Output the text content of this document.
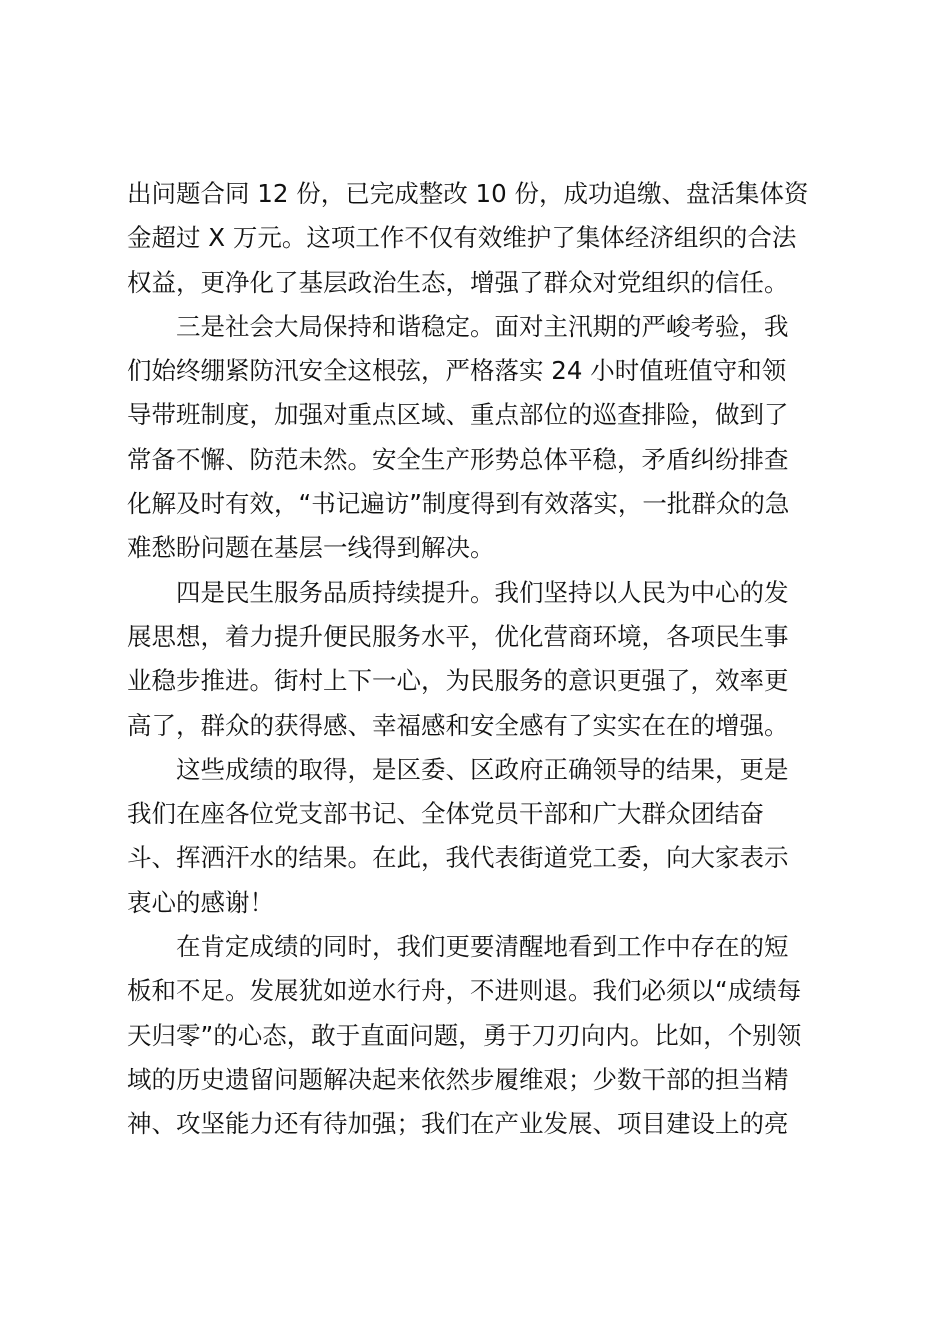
出问题合同 12 份，已完成整改 10 份，成功追缴、盘活集体资
金超过 X 万元。这项工作不仅有效维护了集体经济组织的合法
权益，更净化了基层政治生态，增强了群众对党组织的信任。
　　三是社会大局保持和谐稳定。面对主汛期的严峻考验，我
们始终绷紧防汛安全这根弦，严格落实 24 小时值班值守和领
导带班制度，加强对重点区域、重点部位的巡查排险，做到了
常备不懈、防范未然。安全生产形势总体平稳，矛盾纠纷排查
化解及时有效，“书记遍访”制度得到有效落实，一批群众的急
难愁盼问题在基层一线得到解决。
　　四是民生服务品质持续提升。我们坚持以人民为中心的发
展思想，着力提升便民服务水平，优化营商环境，各项民生事
业稳步推进。街村上下一心，为民服务的意识更强了，效率更
高了，群众的获得感、幸福感和安全感有了实实在在的增强。
　　这些成绩的取得，是区委、区政府正确领导的结果，更是
我们在座各位党支部书记、全体党员干部和广大群众团结奋
斗、挥洒汗水的结果。在此，我代表街道党工委，向大家表示
衷心的感谢！
　　在肯定成绩的同时，我们更要清醒地看到工作中存在的短
板和不足。发展犹如逆水行舟，不进则退。我们必须以“成绩每
天归零”的心态，敢于直面问题，勇于刀刃向内。比如，个别领
域的历史遗留问题解决起来依然步履维艰；少数干部的担当精
神、攻坚能力还有待加强；我们在产业发展、项目建设上的亮
